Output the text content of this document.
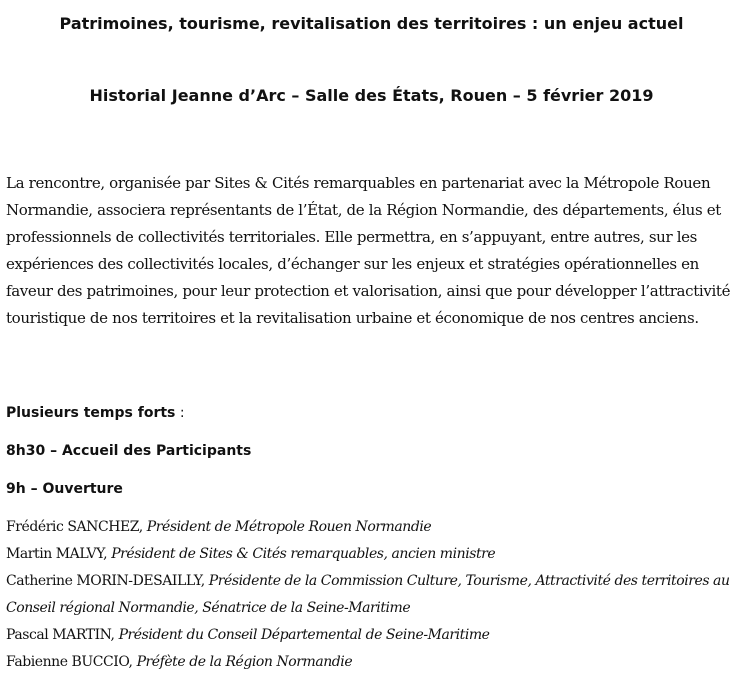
Patrimoines, tourisme, revitalisation des territoires : un enjeu actuel
Historial Jeanne d’Arc – Salle des États, Rouen – 5 février 2019

La rencontre, organisée par Sites & Cités remarquables en partenariat avec la Métropole Rouen Normandie, associera représentants de l’État, de la Région Normandie, des départements, élus et professionnels de collectivités territoriales. Elle permettra, en s’appuyant, entre autres, sur les expériences des collectivités locales, d’échanger sur les enjeux et stratégies opérationnelles en faveur des patrimoines, pour leur protection et valorisation, ainsi que pour développer l’attractivité touristique de nos territoires et la revitalisation urbaine et économique de nos centres anciens.

Plusieurs temps forts :
8h30 – Accueil des Participants
9h – Ouverture
Frédéric SANCHEZ, Président de Métropole Rouen Normandie
Martin MALVY, Président de Sites & Cités remarquables, ancien ministre
Catherine MORIN-DESAILLY, Présidente de la Commission Culture, Tourisme, Attractivité des territoires au Conseil régional Normandie, Sénatrice de la Seine-Maritime
Pascal MARTIN, Président du Conseil Départemental de Seine-Maritime
Fabienne BUCCIO, Préfète de la Région Normandie
